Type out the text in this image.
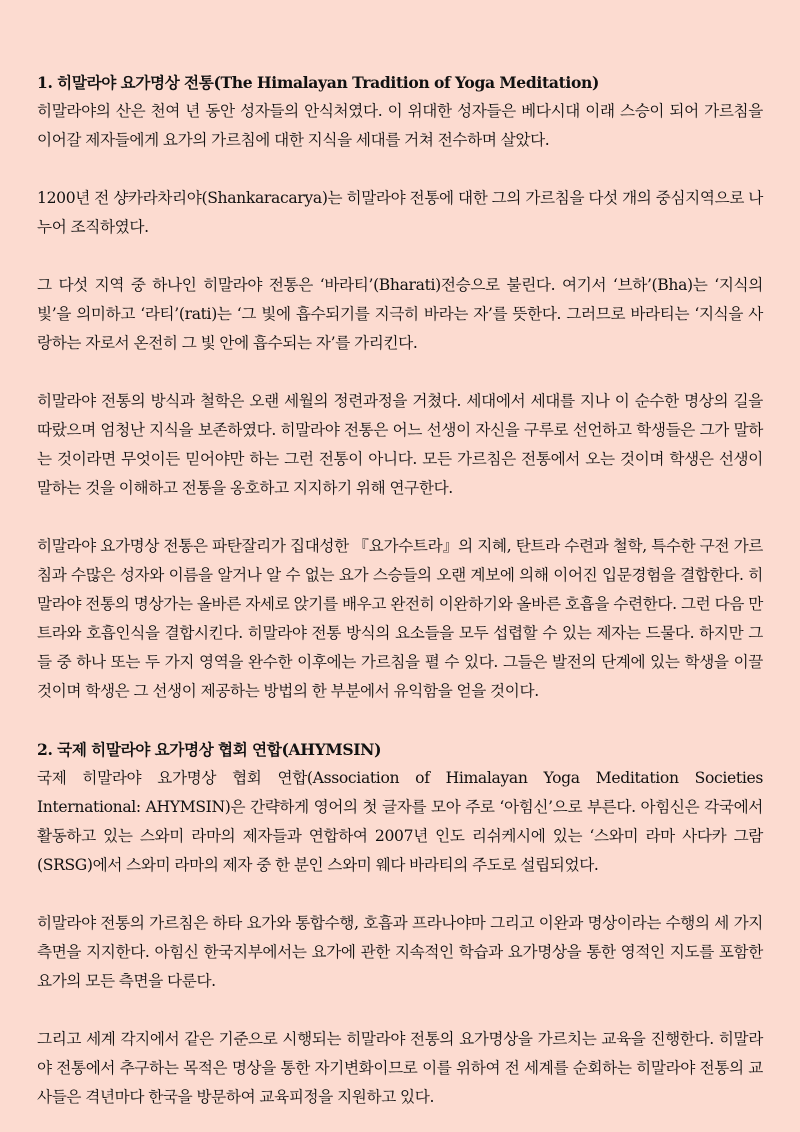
1. 히말라야 요가명상 전통(The Himalayan Tradition of Yoga Meditation)

히말라야의 산은 천여 년 동안 성자들의 안식처였다. 이 위대한 성자들은 베다시대 이래 스승이 되어 가르침을 이어갈 제자들에게 요가의 가르침에 대한 지식을 세대를 거쳐 전수하며 살았다.

1200년 전 샹카라차리야(Shankaracarya)는 히말라야 전통에 대한 그의 가르침을 다섯 개의 중심지역으로 나누어 조직하였다.

그 다섯 지역 중 하나인 히말라야 전통은 ‘바라티’(Bharati)전승으로 불린다. 여기서 ‘브하’(Bha)는 ‘지식의 빛’을 의미하고 ‘라티’(rati)는 ‘그 빛에 흡수되기를 지극히 바라는 자’를 뜻한다. 그러므로 바라티는 ‘지식을 사랑하는 자로서 온전히 그 빛 안에 흡수되는 자’를 가리킨다.

히말라야 전통의 방식과 철학은 오랜 세월의 정련과정을 거쳤다. 세대에서 세대를 지나 이 순수한 명상의 길을 따랐으며 엄청난 지식을 보존하였다. 히말라야 전통은 어느 선생이 자신을 구루로 선언하고 학생들은 그가 말하는 것이라면 무엇이든 믿어야만 하는 그런 전통이 아니다. 모든 가르침은 전통에서 오는 것이며 학생은 선생이 말하는 것을 이해하고 전통을 옹호하고 지지하기 위해 연구한다.

히말라야 요가명상 전통은 파탄잘리가 집대성한 『요가수트라』의 지혜, 탄트라 수련과 철학, 특수한 구전 가르침과 수많은 성자와 이름을 알거나 알 수 없는 요가 스승들의 오랜 계보에 의해 이어진 입문경험을 결합한다. 히말라야 전통의 명상가는 올바른 자세로 앉기를 배우고 완전히 이완하기와 올바른 호흡을 수련한다. 그런 다음 만트라와 호흡인식을 결합시킨다. 히말라야 전통 방식의 요소들을 모두 섭렵할 수 있는 제자는 드물다. 하지만 그들 중 하나 또는 두 가지 영역을 완수한 이후에는 가르침을 펼 수 있다. 그들은 발전의 단계에 있는 학생을 이끌 것이며 학생은 그 선생이 제공하는 방법의 한 부분에서 유익함을 얻을 것이다.

2. 국제 히말라야 요가명상 협회 연합(AHYMSIN)

국제 히말라야 요가명상 협회 연합(Association of Himalayan Yoga Meditation Societies International: AHYMSIN)은 간략하게 영어의 첫 글자를 모아 주로 ‘아힘신’으로 부른다. 아힘신은 각국에서 활동하고 있는 스와미 라마의 제자들과 연합하여 2007년 인도 리쉬케시에 있는 ‘스와미 라마 사다카 그람(SRSG)에서 스와미 라마의 제자 중 한 분인 스와미 웨다 바라티의 주도로 설립되었다.

히말라야 전통의 가르침은 하타 요가와 통합수행, 호흡과 프라나야마 그리고 이완과 명상이라는 수행의 세 가지 측면을 지지한다. 아힘신 한국지부에서는 요가에 관한 지속적인 학습과 요가명상을 통한 영적인 지도를 포함한 요가의 모든 측면을 다룬다.

그리고 세계 각지에서 같은 기준으로 시행되는 히말라야 전통의 요가명상을 가르치는 교육을 진행한다. 히말라야 전통에서 추구하는 목적은 명상을 통한 자기변화이므로 이를 위하여 전 세계를 순회하는 히말라야 전통의 교사들은 격년마다 한국을 방문하여 교육피정을 지원하고 있다.
